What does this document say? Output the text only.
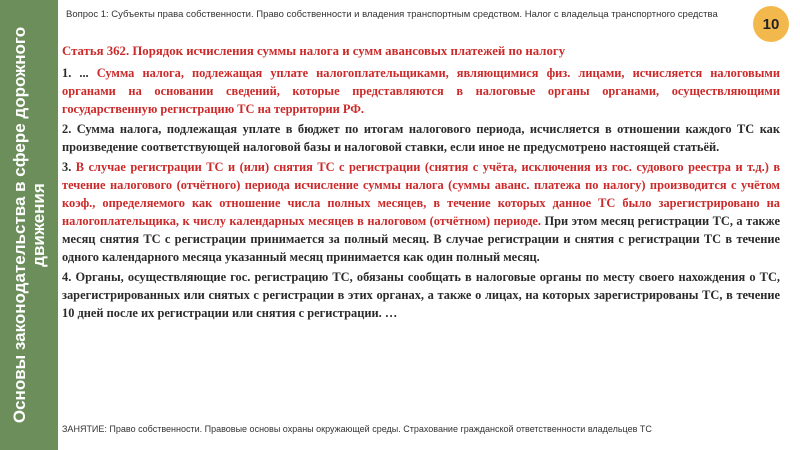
Основы законодательства в сфере дорожного движения
Вопрос 1: Субъекты права собственности. Право собственности и владения транспортным средством. Налог с владельца транспортного средства
10

Статья 362. Порядок исчисления суммы налога и сумм авансовых платежей по налогу

1. ... Сумма налога, подлежащая уплате налогоплательщиками, являющимися физ. лицами, исчисляется налоговыми органами на основании сведений, которые представляются в налоговые органы органами, осуществляющими государственную регистрацию ТС на территории РФ.

2. Сумма налога, подлежащая уплате в бюджет по итогам налогового периода, исчисляется в отношении каждого ТС как произведение соответствующей налоговой базы и налоговой ставки, если иное не предусмотрено настоящей статьёй.

3. В случае регистрации ТС и (или) снятия ТС с регистрации (снятия с учёта, исключения из гос. судового реестра и т.д.) в течение налогового (отчётного) периода исчисление суммы налога (суммы аванс. платежа по налогу) производится с учётом коэф., определяемого как отношение числа полных месяцев, в течение которых данное ТС было зарегистрировано на налогоплательщика, к числу календарных месяцев в налоговом (отчётном) периоде. При этом месяц регистрации ТС, а также месяц снятия ТС с регистрации принимается за полный месяц. В случае регистрации и снятия с регистрации ТС в течение одного календарного месяца указанный месяц принимается как один полный месяц.

4. Органы, осуществляющие гос. регистрацию ТС, обязаны сообщать в налоговые органы по месту своего нахождения о ТС, зарегистрированных или снятых с регистрации в этих органах, а также о лицах, на которых зарегистрированы ТС, в течение 10 дней после их регистрации или снятия с регистрации. …

ЗАНЯТИЕ: Право собственности. Правовые основы охраны окружающей среды. Страхование гражданской ответственности владельцев ТС
